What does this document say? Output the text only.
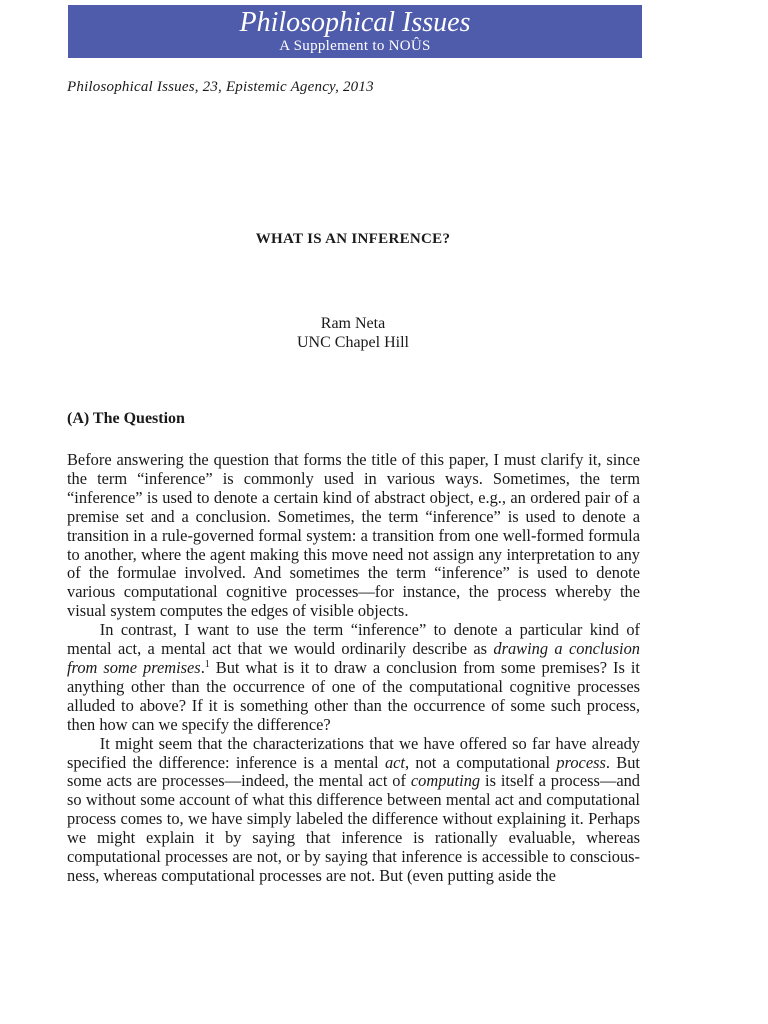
Philosophical Issues
A Supplement to NOÛS
Philosophical Issues, 23, Epistemic Agency, 2013
WHAT IS AN INFERENCE?
Ram Neta
UNC Chapel Hill
(A) The Question

Before answering the question that forms the title of this paper, I must clarify it, since the term “inference” is commonly used in various ways. Sometimes, the term “inference” is used to denote a certain kind of abstract object, e.g., an ordered pair of a premise set and a conclusion. Sometimes, the term “inference” is used to denote a transition in a rule-governed formal system: a transition from one well-formed formula to another, where the agent making this move need not assign any interpretation to any of the formulae involved. And sometimes the term “inference” is used to denote various computational cognitive processes—for instance, the process whereby the visual system computes the edges of visible objects.

In contrast, I want to use the term “inference” to denote a particular kind of mental act, a mental act that we would ordinarily describe as drawing a conclusion from some premises.$^1$ But what is it to draw a conclusion from some premises? Is it anything other than the occurrence of one of the computational cognitive processes alluded to above? If it is something other than the occurrence of some such process, then how can we specify the difference?

It might seem that the characterizations that we have offered so far have already specified the difference: inference is a mental act, not a computational process. But some acts are processes—indeed, the mental act of computing is itself a process—and so without some account of what this difference between mental act and computational process comes to, we have simply labeled the difference without explaining it. Perhaps we might explain it by saying that inference is rationally evaluable, whereas computational processes are not, or by saying that inference is accessible to consciousness, whereas computational processes are not. But (even putting aside the
